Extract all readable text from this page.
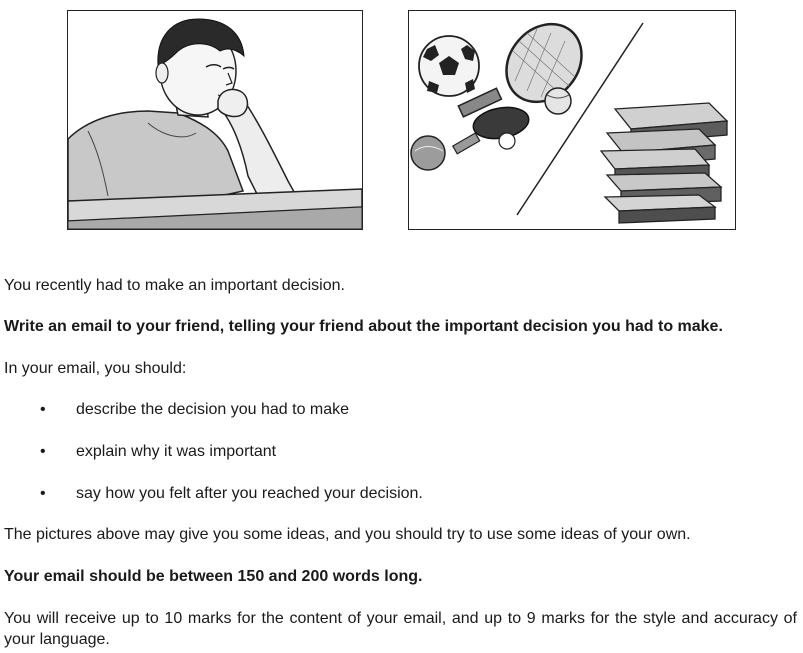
You recently had to make an important decision.

Write an email to your friend, telling your friend about the important decision you had to make.

In your email, you should:

• describe the decision you had to make
• explain why it was important
• say how you felt after you reached your decision.

The pictures above may give you some ideas, and you should try to use some ideas of your own.

Your email should be between 150 and 200 words long.

You will receive up to 10 marks for the content of your email, and up to 9 marks for the style and accuracy of your language.
